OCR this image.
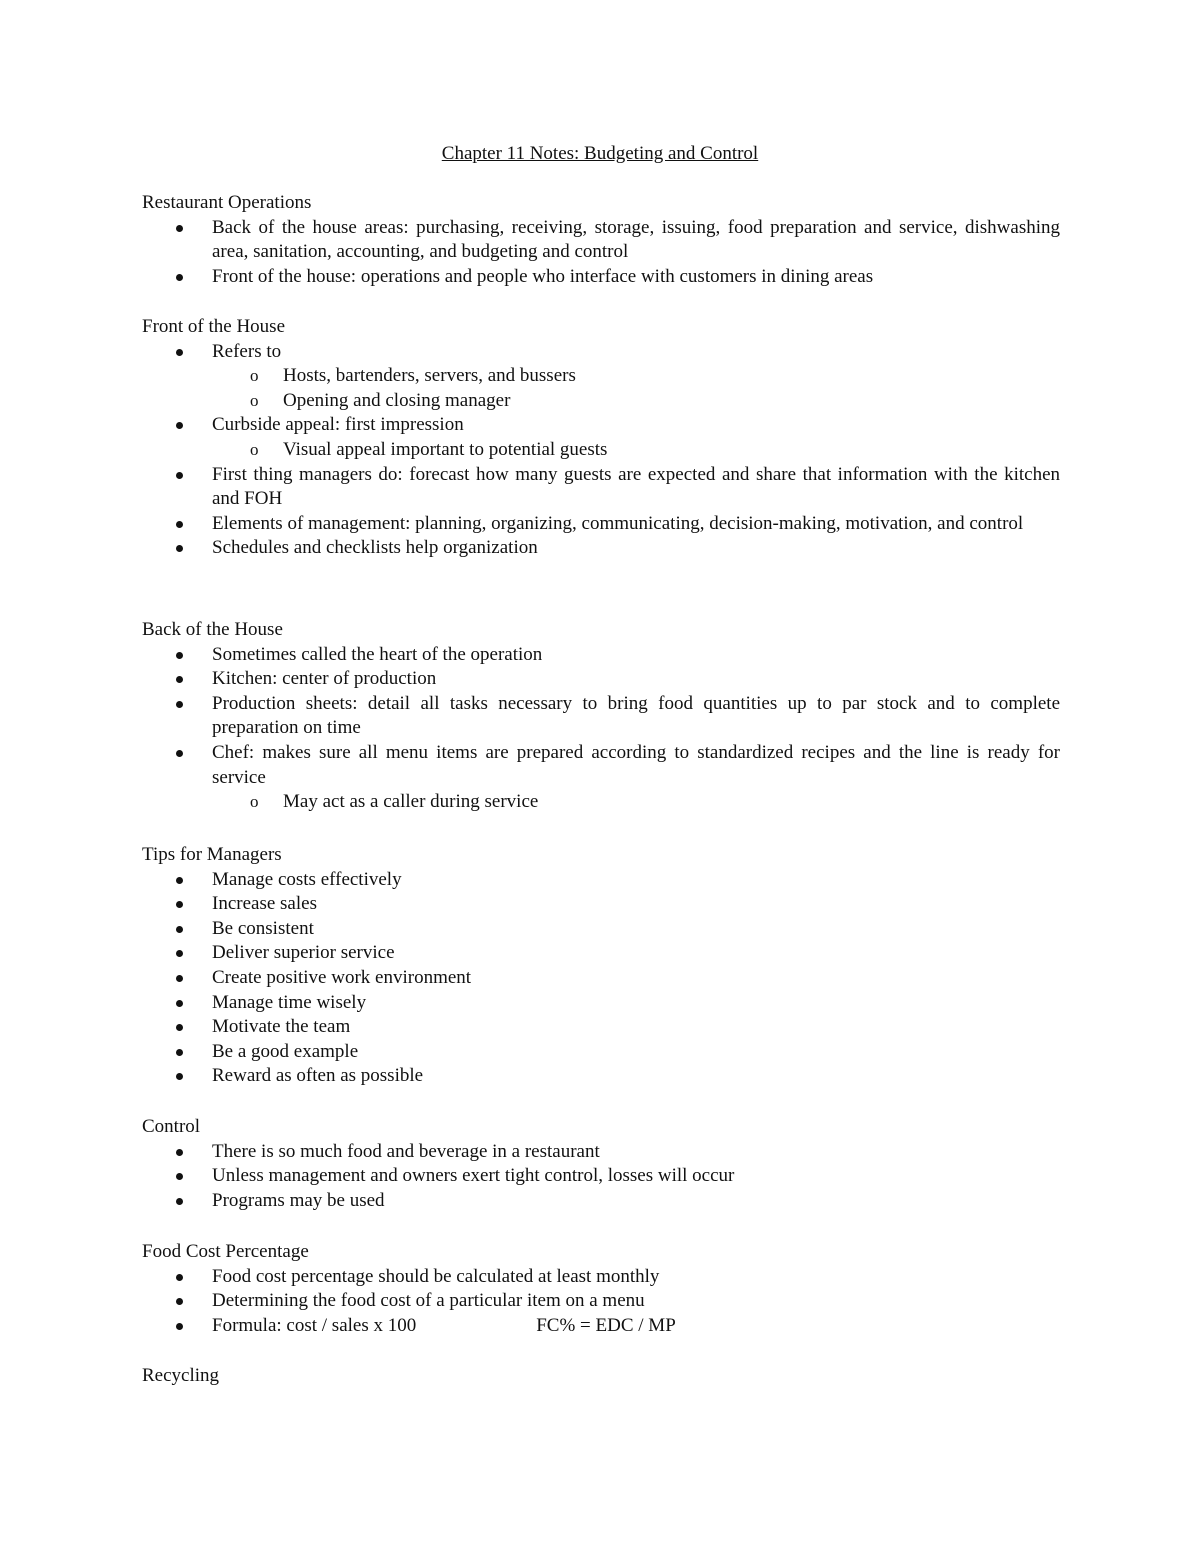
Chapter 11 Notes: Budgeting and Control
Restaurant Operations
Back of the house areas: purchasing, receiving, storage, issuing, food preparation and service, dishwashing area, sanitation, accounting, and budgeting and control
Front of the house: operations and people who interface with customers in dining areas
Front of the House
Refers to
o Hosts, bartenders, servers, and bussers
o Opening and closing manager
Curbside appeal: first impression
o Visual appeal important to potential guests
First thing managers do: forecast how many guests are expected and share that information with the kitchen and FOH
Elements of management: planning, organizing, communicating, decision-making, motivation, and control
Schedules and checklists help organization
Back of the House
Sometimes called the heart of the operation
Kitchen: center of production
Production sheets: detail all tasks necessary to bring food quantities up to par stock and to complete preparation on time
Chef: makes sure all menu items are prepared according to standardized recipes and the line is ready for service
o May act as a caller during service
Tips for Managers
Manage costs effectively
Increase sales
Be consistent
Deliver superior service
Create positive work environment
Manage time wisely
Motivate the team
Be a good example
Reward as often as possible
Control
There is so much food and beverage in a restaurant
Unless management and owners exert tight control, losses will occur
Programs may be used
Food Cost Percentage
Food cost percentage should be calculated at least monthly
Determining the food cost of a particular item on a menu
Formula: cost / sales x 100	FC% = EDC / MP
Recycling
